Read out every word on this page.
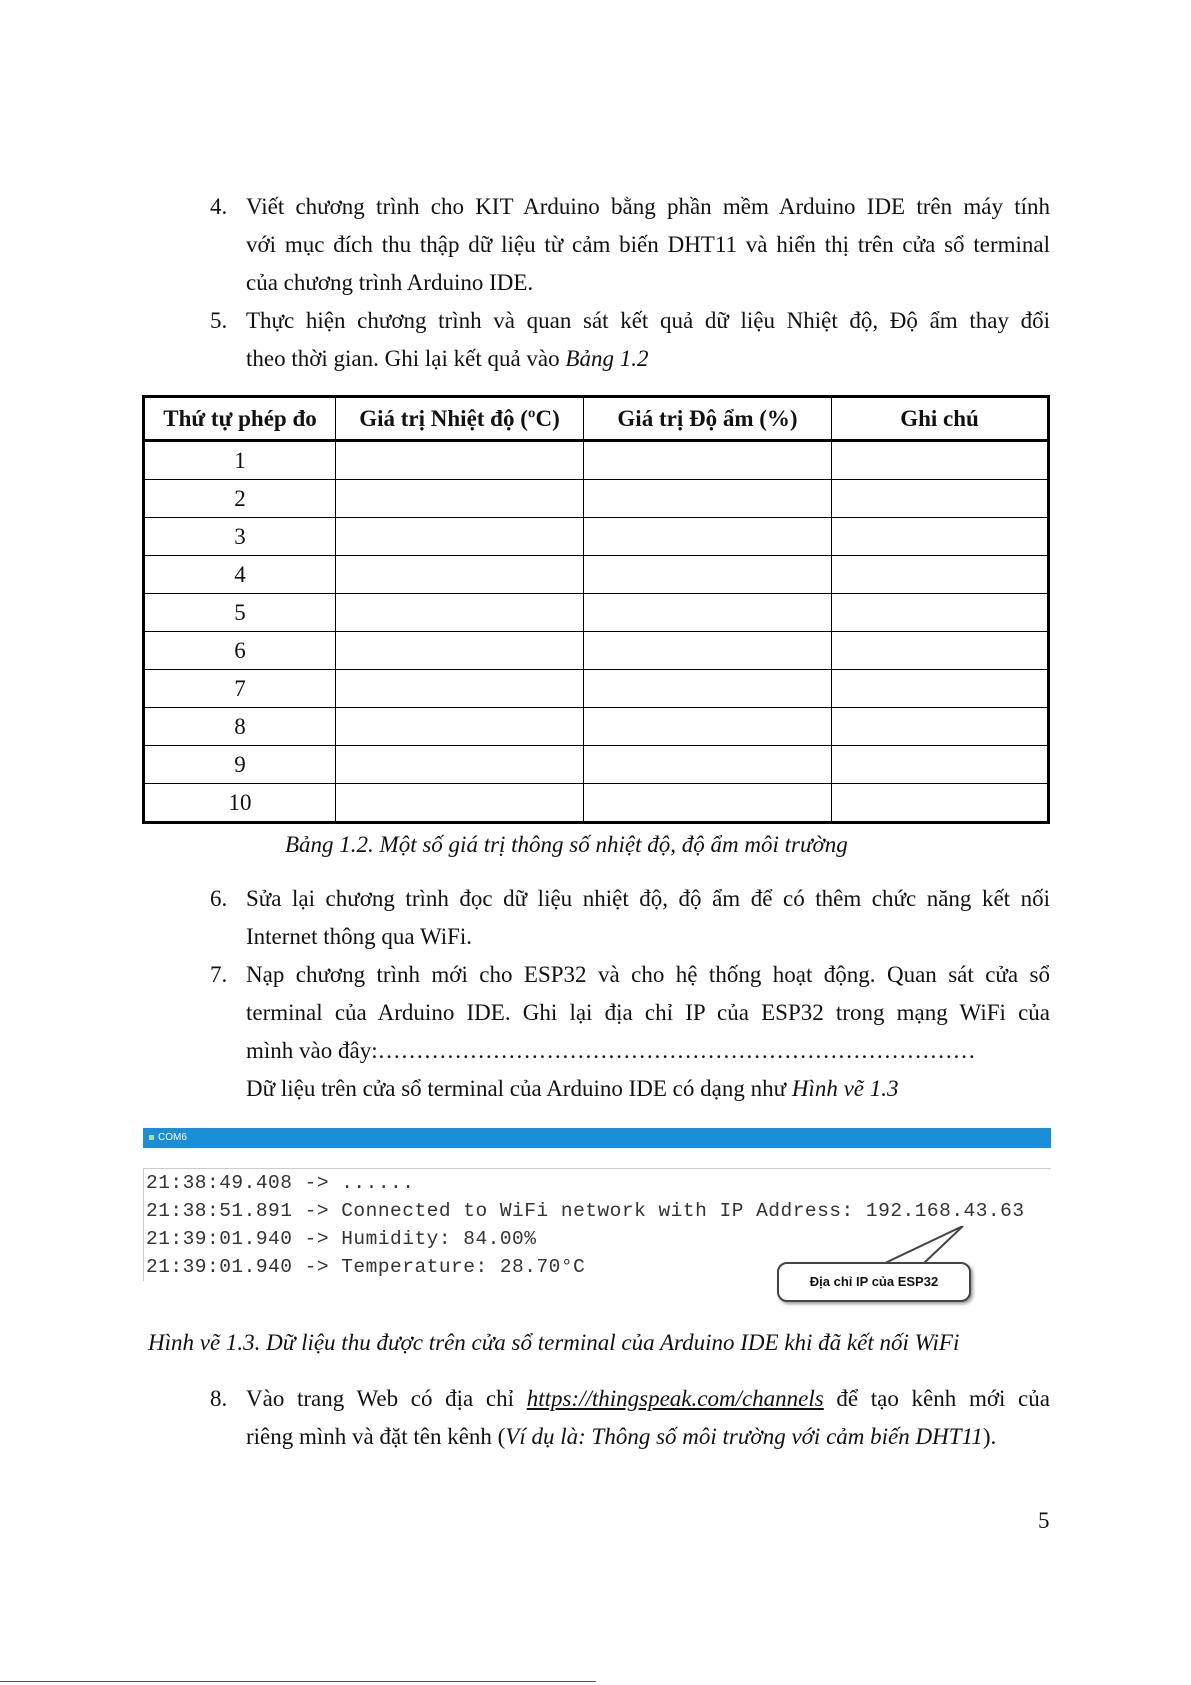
4. Viết chương trình cho KIT Arduino bằng phần mềm Arduino IDE trên máy tính
với mục đích thu thập dữ liệu từ cảm biến DHT11 và hiển thị trên cửa sổ terminal
của chương trình Arduino IDE.
5. Thực hiện chương trình và quan sát kết quả dữ liệu Nhiệt độ, Độ ẩm thay đổi
theo thời gian. Ghi lại kết quả vào Bảng 1.2
Thứ tự phép đo	Giá trị Nhiệt độ (ºC)	Giá trị Độ ẩm (%)	Ghi chú
1			
2			
3			
4			
5			
6			
7			
8			
9			
10			
Bảng 1.2. Một số giá trị thông số nhiệt độ, độ ẩm môi trường
6. Sửa lại chương trình đọc dữ liệu nhiệt độ, độ ẩm để có thêm chức năng kết nối
Internet thông qua WiFi.
7. Nạp chương trình mới cho ESP32 và cho hệ thống hoạt động. Quan sát cửa sổ
terminal của Arduino IDE. Ghi lại địa chỉ IP của ESP32 trong mạng WiFi của
mình vào đây:……………………………………………………………………
Dữ liệu trên cửa sổ terminal của Arduino IDE có dạng như Hình vẽ 1.3
COM6
21:38:49.408 -> ......
21:38:51.891 -> Connected to WiFi network with IP Address: 192.168.43.63
21:39:01.940 -> Humidity: 84.00%
21:39:01.940 -> Temperature: 28.70°C
Địa chỉ IP của ESP32
Hình vẽ 1.3. Dữ liệu thu được trên cửa sổ terminal của Arduino IDE khi đã kết nối WiFi
8. Vào trang Web có địa chỉ https://thingspeak.com/channels để tạo kênh mới của
riêng mình và đặt tên kênh (Ví dụ là: Thông số môi trường với cảm biến DHT11).
5
